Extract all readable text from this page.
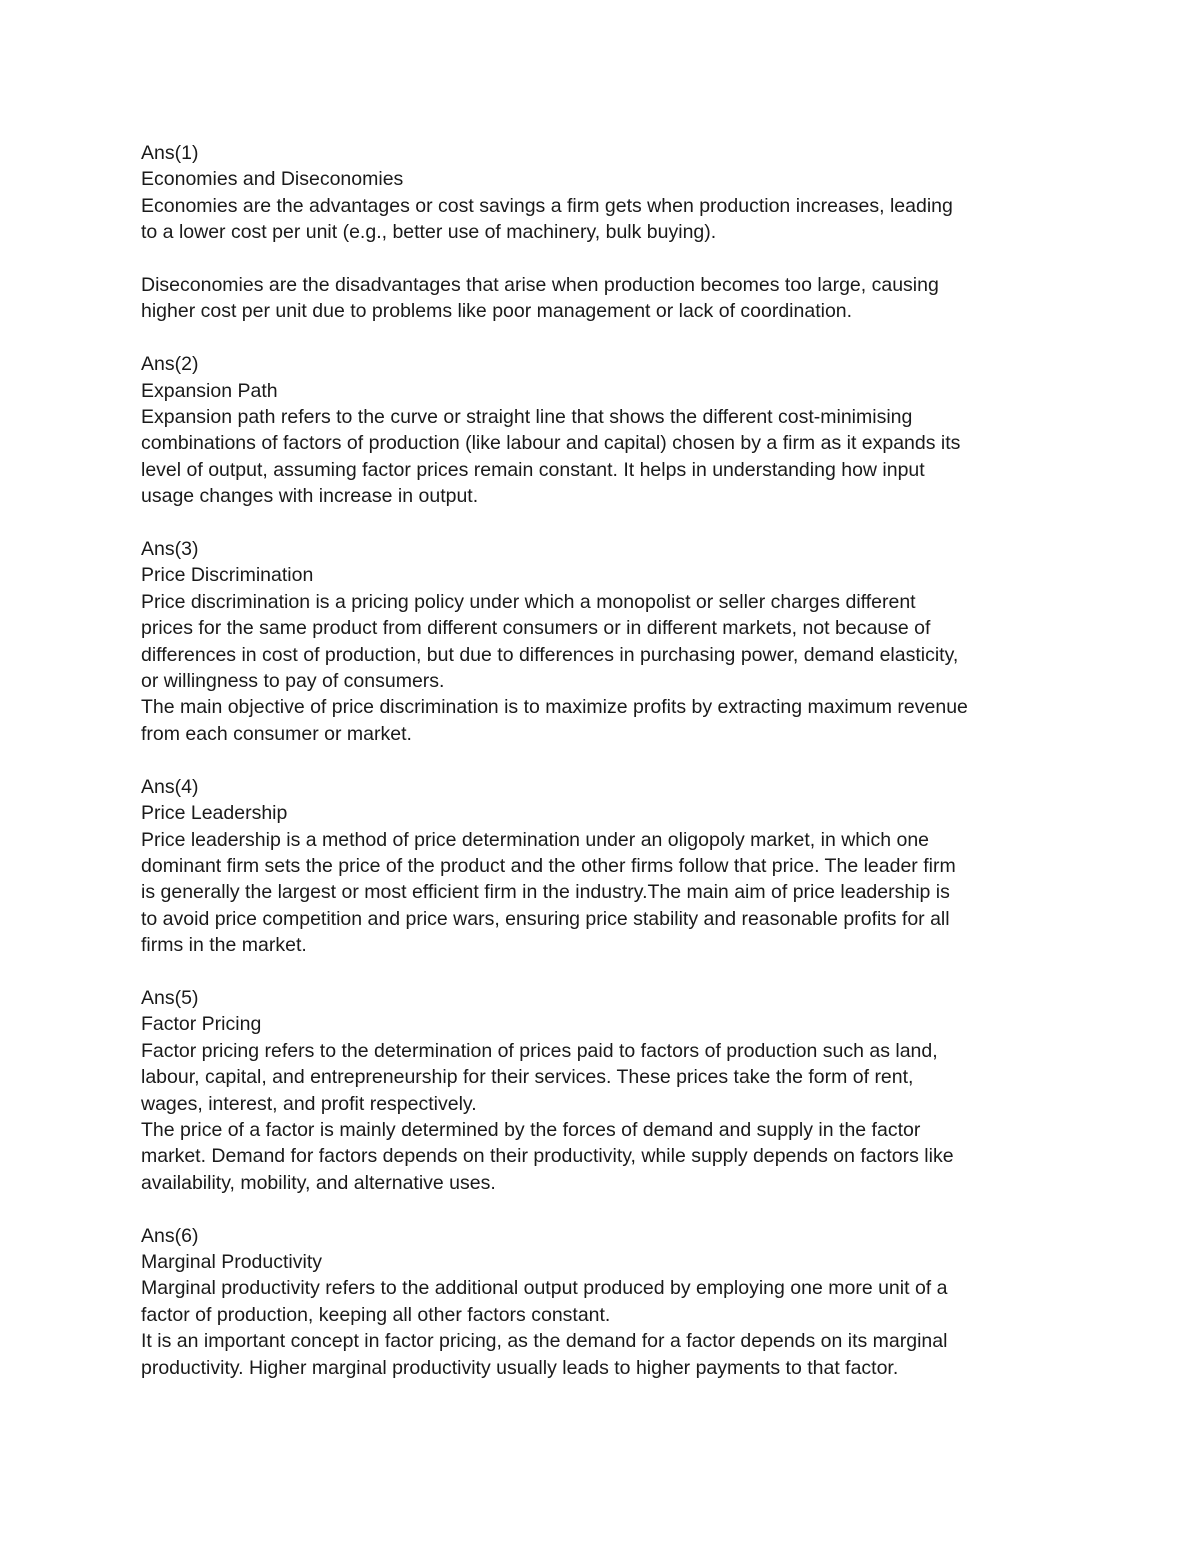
Ans(1)
Economies and Diseconomies
Economies are the advantages or cost savings a firm gets when production increases, leading
to a lower cost per unit (e.g., better use of machinery, bulk buying).
Diseconomies are the disadvantages that arise when production becomes too large, causing
higher cost per unit due to problems like poor management or lack of coordination.
Ans(2)
Expansion Path
Expansion path refers to the curve or straight line that shows the different cost-minimising
combinations of factors of production (like labour and capital) chosen by a firm as it expands its
level of output, assuming factor prices remain constant. It helps in understanding how input
usage changes with increase in output.
Ans(3)
Price Discrimination
Price discrimination is a pricing policy under which a monopolist or seller charges different
prices for the same product from different consumers or in different markets, not because of
differences in cost of production, but due to differences in purchasing power, demand elasticity,
or willingness to pay of consumers.
The main objective of price discrimination is to maximize profits by extracting maximum revenue
from each consumer or market.
Ans(4)
Price Leadership
Price leadership is a method of price determination under an oligopoly market, in which one
dominant firm sets the price of the product and the other firms follow that price. The leader firm
is generally the largest or most efficient firm in the industry.The main aim of price leadership is
to avoid price competition and price wars, ensuring price stability and reasonable profits for all
firms in the market.
Ans(5)
Factor Pricing
Factor pricing refers to the determination of prices paid to factors of production such as land,
labour, capital, and entrepreneurship for their services. These prices take the form of rent,
wages, interest, and profit respectively.
The price of a factor is mainly determined by the forces of demand and supply in the factor
market. Demand for factors depends on their productivity, while supply depends on factors like
availability, mobility, and alternative uses.
Ans(6)
Marginal Productivity
Marginal productivity refers to the additional output produced by employing one more unit of a
factor of production, keeping all other factors constant.
It is an important concept in factor pricing, as the demand for a factor depends on its marginal
productivity. Higher marginal productivity usually leads to higher payments to that factor.
